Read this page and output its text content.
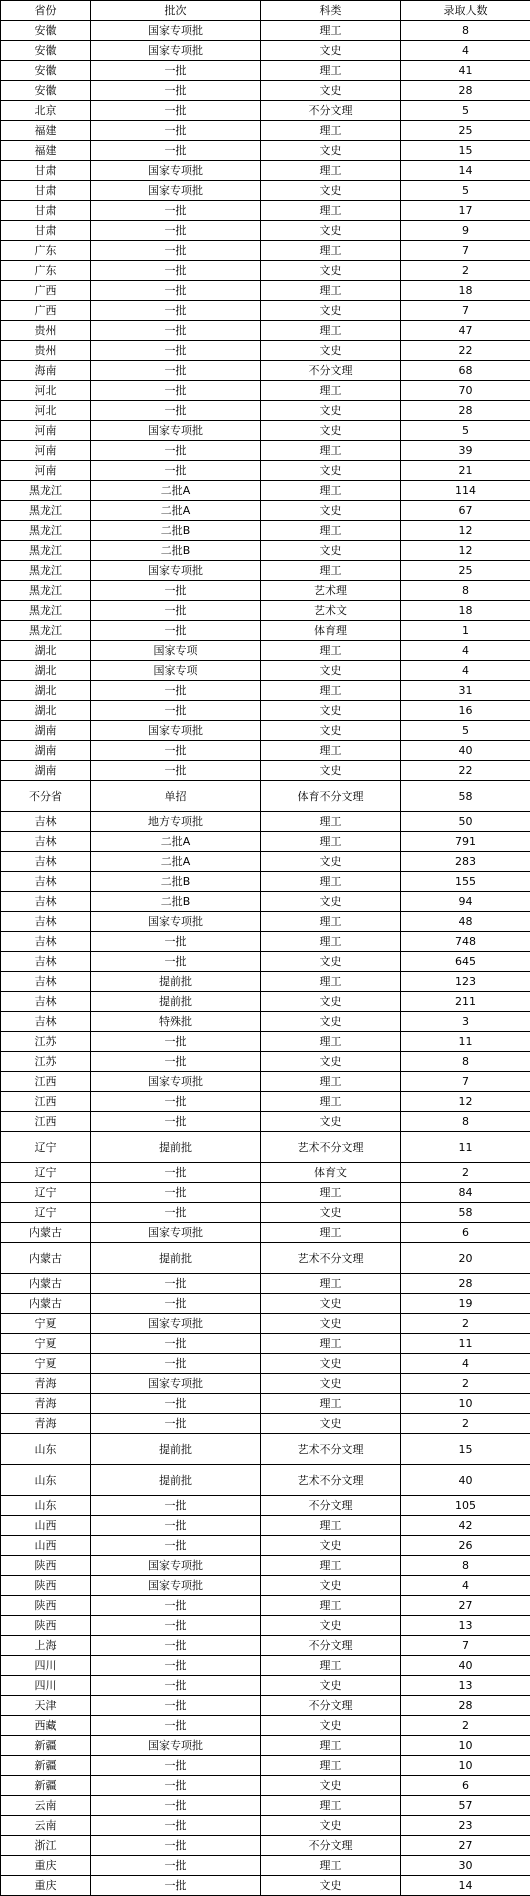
省份	批次	科类	录取人数
安徽	国家专项批	理工	8
安徽	国家专项批	文史	4
安徽	一批	理工	41
安徽	一批	文史	28
北京	一批	不分文理	5
福建	一批	理工	25
福建	一批	文史	15
甘肃	国家专项批	理工	14
甘肃	国家专项批	文史	5
甘肃	一批	理工	17
甘肃	一批	文史	9
广东	一批	理工	7
广东	一批	文史	2
广西	一批	理工	18
广西	一批	文史	7
贵州	一批	理工	47
贵州	一批	文史	22
海南	一批	不分文理	68
河北	一批	理工	70
河北	一批	文史	28
河南	国家专项批	文史	5
河南	一批	理工	39
河南	一批	文史	21
黑龙江	二批A	理工	114
黑龙江	二批A	文史	67
黑龙江	二批B	理工	12
黑龙江	二批B	文史	12
黑龙江	国家专项批	理工	25
黑龙江	一批	艺术理	8
黑龙江	一批	艺术文	18
黑龙江	一批	体育理	1
湖北	国家专项	理工	4
湖北	国家专项	文史	4
湖北	一批	理工	31
湖北	一批	文史	16
湖南	国家专项批	文史	5
湖南	一批	理工	40
湖南	一批	文史	22
不分省	单招	体育不分文理	58
吉林	地方专项批	理工	50
吉林	二批A	理工	791
吉林	二批A	文史	283
吉林	二批B	理工	155
吉林	二批B	文史	94
吉林	国家专项批	理工	48
吉林	一批	理工	748
吉林	一批	文史	645
吉林	提前批	理工	123
吉林	提前批	文史	211
吉林	特殊批	文史	3
江苏	一批	理工	11
江苏	一批	文史	8
江西	国家专项批	理工	7
江西	一批	理工	12
江西	一批	文史	8
辽宁	提前批	艺术不分文理	11
辽宁	一批	体育文	2
辽宁	一批	理工	84
辽宁	一批	文史	58
内蒙古	国家专项批	理工	6
内蒙古	提前批	艺术不分文理	20
内蒙古	一批	理工	28
内蒙古	一批	文史	19
宁夏	国家专项批	文史	2
宁夏	一批	理工	11
宁夏	一批	文史	4
青海	国家专项批	文史	2
青海	一批	理工	10
青海	一批	文史	2
山东	提前批	艺术不分文理	15
山东	提前批	艺术不分文理	40
山东	一批	不分文理	105
山西	一批	理工	42
山西	一批	文史	26
陕西	国家专项批	理工	8
陕西	国家专项批	文史	4
陕西	一批	理工	27
陕西	一批	文史	13
上海	一批	不分文理	7
四川	一批	理工	40
四川	一批	文史	13
天津	一批	不分文理	28
西藏	一批	文史	2
新疆	国家专项批	理工	10
新疆	一批	理工	10
新疆	一批	文史	6
云南	一批	理工	57
云南	一批	文史	23
浙江	一批	不分文理	27
重庆	一批	理工	30
重庆	一批	文史	14
